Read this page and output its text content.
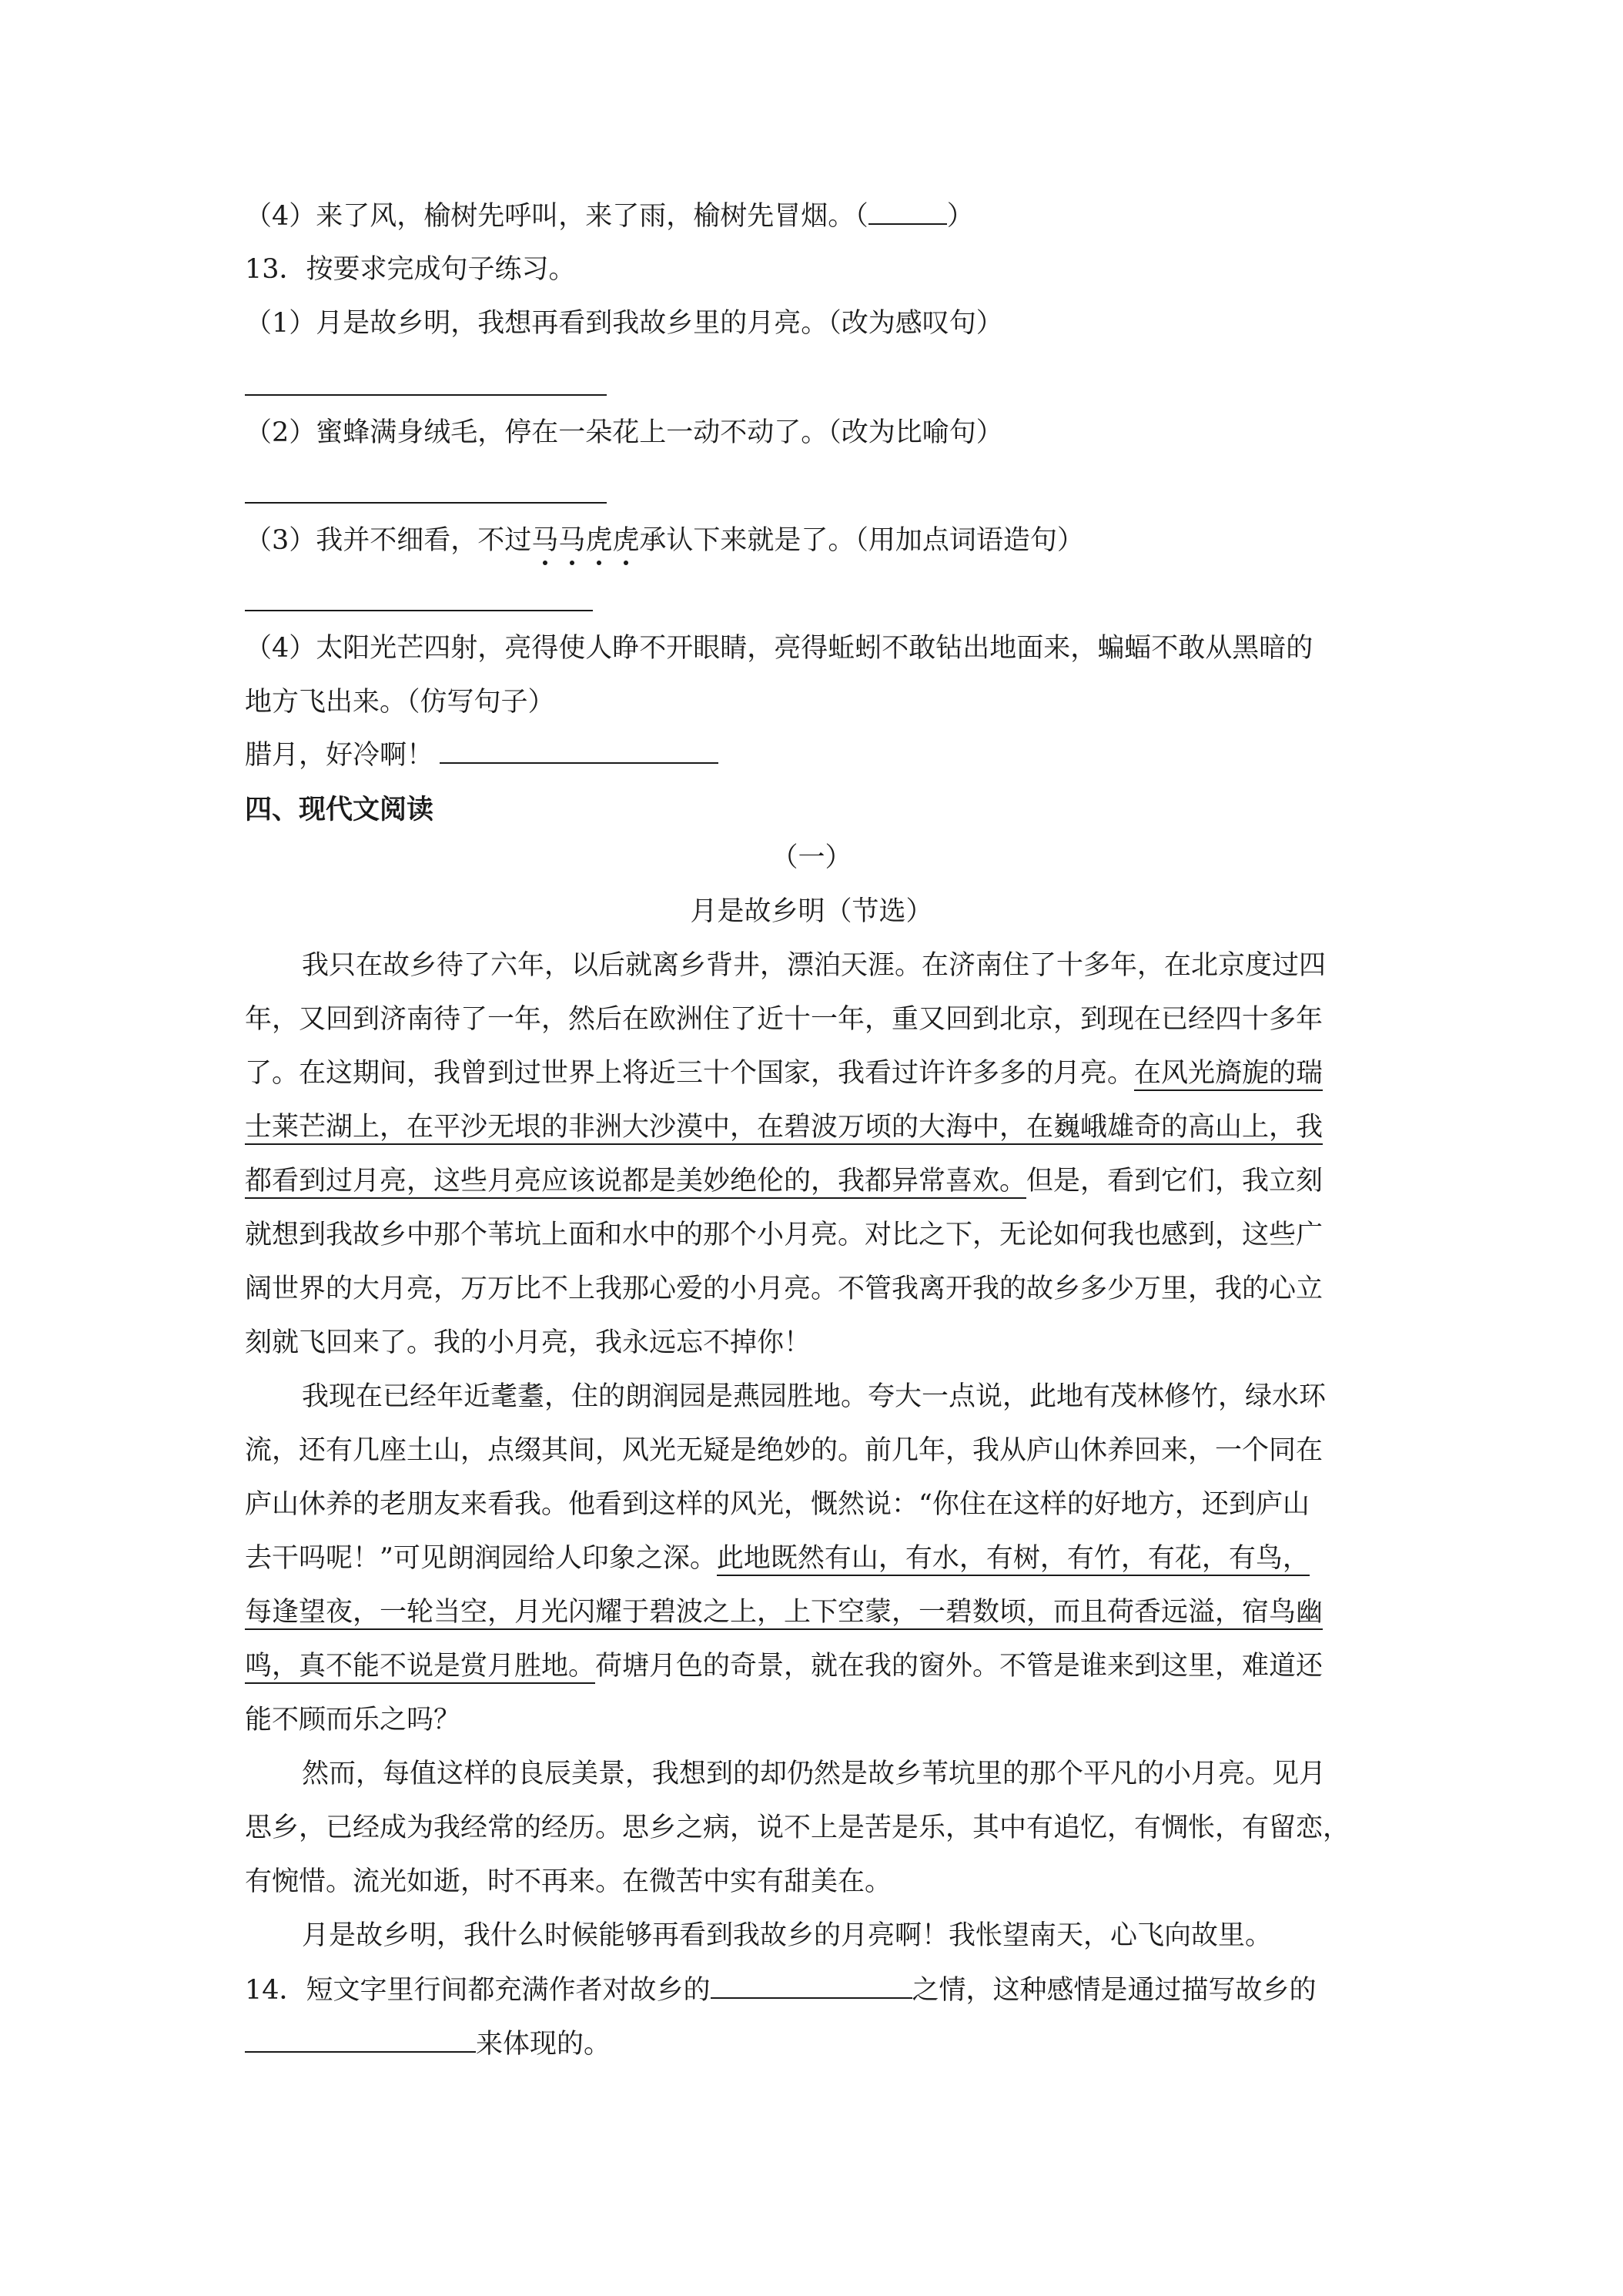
（4）来了风，榆树先呼叫，来了雨，榆树先冒烟。（	）
13．按要求完成句子练习。
（1）月是故乡明，我想再看到我故乡里的月亮。（改为感叹句）
（2）蜜蜂满身绒毛，停在一朵花上一动不动了。（改为比喻句）
（3）我并不细看，不过马马虎虎承认下来就是了。（用加点词语造句）
（4）太阳光芒四射，亮得使人睁不开眼睛，亮得蚯蚓不敢钻出地面来，蝙蝠不敢从黑暗的
地方飞出来。（仿写句子）
腊月，好冷啊！
四、现代文阅读
（一）
月是故乡明（节选）
我只在故乡待了六年，以后就离乡背井，漂泊天涯。在济南住了十多年，在北京度过四
年，又回到济南待了一年，然后在欧洲住了近十一年，重又回到北京，到现在已经四十多年
了。在这期间，我曾到过世界上将近三十个国家，我看过许许多多的月亮。在风光旖旎的瑞
士莱芒湖上，在平沙无垠的非洲大沙漠中，在碧波万顷的大海中，在巍峨雄奇的高山上，我
都看到过月亮，这些月亮应该说都是美妙绝伦的，我都异常喜欢。但是，看到它们，我立刻
就想到我故乡中那个苇坑上面和水中的那个小月亮。对比之下，无论如何我也感到，这些广
阔世界的大月亮，万万比不上我那心爱的小月亮。不管我离开我的故乡多少万里，我的心立
刻就飞回来了。我的小月亮，我永远忘不掉你！
我现在已经年近耄耋，住的朗润园是燕园胜地。夸大一点说，此地有茂林修竹，绿水环
流，还有几座土山，点缀其间，风光无疑是绝妙的。前几年，我从庐山休养回来，一个同在
庐山休养的老朋友来看我。他看到这样的风光，慨然说：“你住在这样的好地方，还到庐山
去干吗呢！”可见朗润园给人印象之深。此地既然有山，有水，有树，有竹，有花，有鸟，
每逢望夜，一轮当空，月光闪耀于碧波之上，上下空蒙，一碧数顷，而且荷香远溢，宿鸟幽
鸣，真不能不说是赏月胜地。荷塘月色的奇景，就在我的窗外。不管是谁来到这里，难道还
能不顾而乐之吗？
然而，每值这样的良辰美景，我想到的却仍然是故乡苇坑里的那个平凡的小月亮。见月
思乡，已经成为我经常的经历。思乡之病，说不上是苦是乐，其中有追忆，有惆怅，有留恋，
有惋惜。流光如逝，时不再来。在微苦中实有甜美在。
月是故乡明，我什么时候能够再看到我故乡的月亮啊！我怅望南天，心飞向故里。
14．短文字里行间都充满作者对故乡的	之情，这种感情是通过描写故乡的
来体现的。
